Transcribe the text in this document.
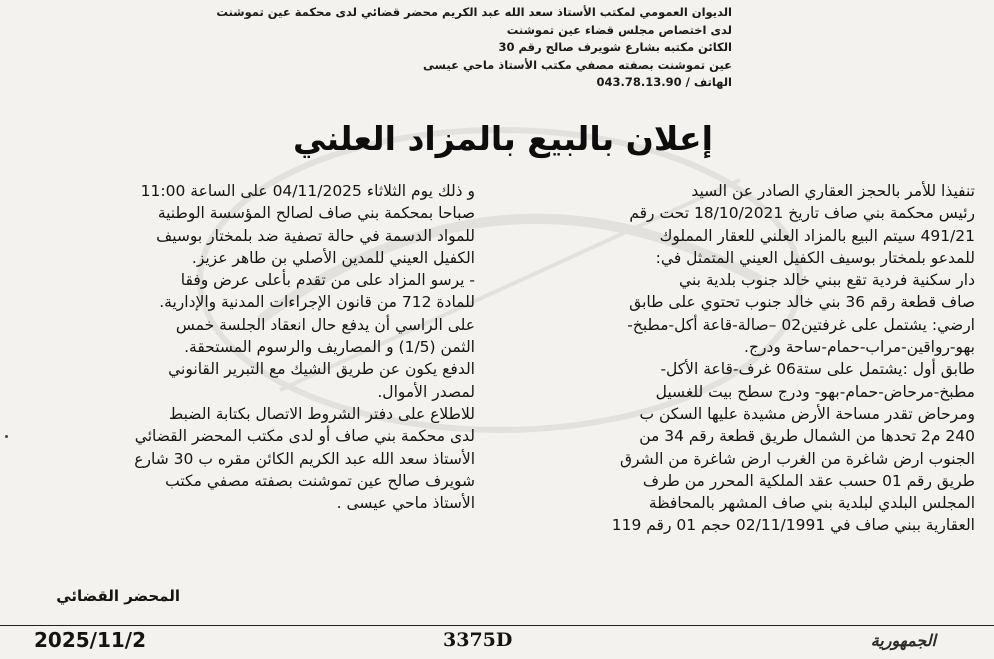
الديوان العمومي لمكتب الأستاذ سعد الله عبد الكريم محضر قضائي لدى محكمة عين تموشنت
لدى اختصاص مجلس قضاء عين تموشنت
الكائن مكتبه بشارع شويرف صالح رقم 30
عين تموشنت بصفته مصفي مكتب الأستاذ ماحي عيسى
الهاتف / 043.78.13.90
إعلان بالبيع بالمزاد العلني
تنفيذا للأمر بالحجز العقاري الصادر عن السيد
رئيس محكمة بني صاف تاريخ 18/10/2021 تحت رقم
491/21 سيتم البيع بالمزاد العلني للعقار المملوك
للمدعو بلمختار بوسيف الكفيل العيني المتمثل في:
دار سكنية فردية تقع ببني خالد جنوب بلدية بني
صاف قطعة رقم 36 بني خالد جنوب تحتوي على طابق
ارضي: يشتمل على غرفتين02 –صالة-قاعة أكل-مطبخ-
بهو-رواقين-مراب-حمام-ساحة ودرج.
طابق أول :يشتمل على ستة06 غرف-قاعة الأكل-
مطبخ-مرحاض-حمام-بهو- ودرج سطح بيت للغسيل
ومرحاض تقدر مساحة الأرض مشيدة عليها السكن ب
240 م2 تحدها من الشمال طريق قطعة رقم 34 من
الجنوب ارض شاغرة من الغرب ارض شاغرة من الشرق
طريق رقم 01 حسب عقد الملكية المحرر من طرف
المجلس البلدي لبلدية بني صاف المشهر بالمحافظة
العقارية ببني صاف في 02/11/1991 حجم 01 رقم 119
و ذلك يوم الثلاثاء 04/11/2025 على الساعة 11:00
صباحا بمحكمة بني صاف لصالح المؤسسة الوطنية
للمواد الدسمة في حالة تصفية ضد بلمختار بوسيف
الكفيل العيني للمدين الأصلي بن طاهر عزيز.
- يرسو المزاد على من تقدم بأعلى عرض وفقا
للمادة 712 من قانون الإجراءات المدنية والإدارية.
على الراسي أن يدفع حال انعقاد الجلسة خمس
الثمن (1/5) و المصاريف والرسوم المستحقة.
الدفع يكون عن طريق الشيك مع التبرير القانوني
لمصدر الأموال.
للاطلاع على دفتر الشروط الاتصال بكتابة الضبط
لدى محكمة بني صاف أو لدى مكتب المحضر القضائي
الأستاذ سعد الله عبد الكريم الكائن مقره ب 30 شارع
شويرف صالح عين تموشنت بصفته مصفي مكتب
الأستاذ ماحي عيسى .
المحضر القضائي
2025/11/2	3375D	الجمهورية
